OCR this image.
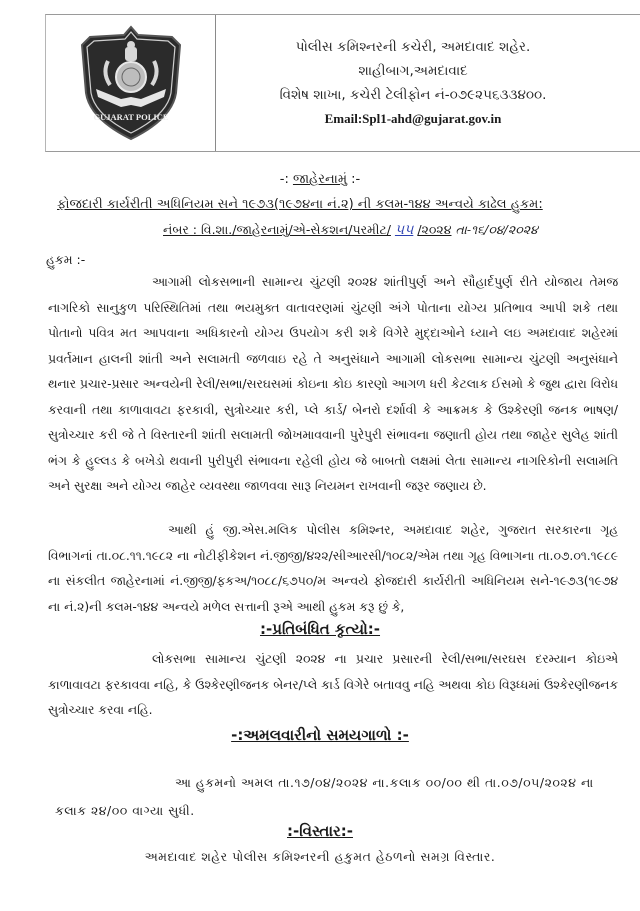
GUJARAT POLICE
પોલીસ કમિશ્નરની કચેરી, અમદાવાદ શહેર.
શાહીબાગ,અમદાવાદ
વિશેષ શાખા, કચેરી ટેલીફોન નં-૦૭૯૨૫૬૩૩૪૦૦.
Email:Spl1-ahd@gujarat.gov.in
-: જાહેરનામું :-
ફોજદારી કાર્યરીતી અધિનિયમ સને ૧૯૭૩(૧૯૭૪ના નં.૨) ની કલમ-૧૪૪ અન્વયે કાઢેલ હુકમ:
નંબર : વિ.શા./જાહેરનામું/એ-સેકશન/પરમીટ/ ૫૫ /૨૦૨૪ તા-૧૬/૦૪/૨૦૨૪
હુકમ :-
આગામી લોકસભાની સામાન્ય ચુંટણી ૨૦૨૪ શાંતીપુર્ણ અને સૌહાર્દપુર્ણ રીતે યોજાય તેમજ નાગરિકો સાનુકુળ પરિસ્થિતિમાં તથા ભયમુક્ત વાતાવરણમાં ચુંટણી અંગે પોતાના યોગ્ય પ્રતિભાવ આપી શકે તથા પોતાનો પવિત્ર મત આપવાના અધિકારનો યોગ્ય ઉપયોગ કરી શકે વિગેરે મુદ્દાઓને ધ્યાને લઇ અમદાવાદ શહેરમાં પ્રવર્તમાન હાલની શાંતી અને સલામતી જળવાઇ રહે તે અનુસંધાને આગામી લોકસભા સામાન્ય ચુંટણી અનુસંધાને થનાર પ્રચાર-પ્રસાર અન્વયેની રેલી/સભા/સરઘસમાં કોઇના કોઇ કારણો આગળ ધરી કેટલાક ઈસમો કે જુથ દ્વારા વિરોધ કરવાની તથા કાળાવાવટા ફરકાવી, સુત્રોચ્ચાર કરી, પ્લે કાર્ડ/ બેનરો દર્શાવી કે આક્રમક કે ઉશ્કેરણી જનક ભાષણ/ સુત્રોચ્ચાર કરી જે તે વિસ્તારની શાંતી સલામતી જોખમાવવાની પુરેપુરી સંભાવના જણાતી હોય તથા જાહેર સુલેહ શાંતી ભંગ કે હુલ્લડ કે બખેડો થવાની પુરીપુરી સંભાવના રહેલી હોય જે બાબતો લક્ષમાં લેતા સામાન્ય નાગરિકોની સલામતિ અને સુરક્ષા અને યોગ્ય જાહેર વ્યવસ્થા જાળવવા સારૂ નિયમન રાખવાની જરૂર જણાય છે.
આથી હું જી.એસ.મલિક પોલીસ કમિશ્નર, અમદાવાદ શહેર, ગુજરાત સરકારના ગૃહ વિભાગનાં તા.૦૮.૧૧.૧૯૮૨ ના નોટીફીકેશન નં.જીજી/૪૨૨/સીઆરસી/૧૦૮૨/એમ તથા ગૃહ વિભાગના તા.૦૭.૦૧.૧૯૮૯ ના સંકલીત જાહેરનામાં નં.જીજી/ફકઅ/૧૦૮૮/૬૭૫૦/મ અન્વયે ફોજદારી કાર્યરીતી અધિનિયમ સને-૧૯૭૩(૧૯૭૪ ના નં.૨)ની કલમ-૧૪૪ અન્વયે મળેલ સત્તાની રૂએ આથી હુકમ કરૂ છું કે,
:-પ્રતિબંધિત કૃત્યો:-
લોકસભા સામાન્ય ચુંટણી ૨૦૨૪ ના પ્રચાર પ્રસારની રેલી/સભા/સરઘસ દરમ્યાન કોઇએ કાળાવાવટા ફરકાવવા નહિ, કે ઉશ્કેરણીજનક બેનર/પ્લે કાર્ડ વિગેરે બતાવવુ નહિ અથવા કોઇ વિરૂધ્ધમાં ઉશ્કેરણીજનક સુત્રોચ્ચાર કરવા નહિ.
-:અમલવારીનો સમયગાળો :-
આ હુકમનો અમલ તા.૧૭/૦૪/૨૦૨૪ ના.કલાક ૦૦/૦૦ થી તા.૦૭/૦૫/૨૦૨૪ ના કલાક ૨૪/૦૦ વાગ્યા સુધી.
:-વિસ્તાર:-
અમદાવાદ શહેર પોલીસ કમિશ્નરની હકુમત હેઠળનો સમગ્ર વિસ્તાર.
